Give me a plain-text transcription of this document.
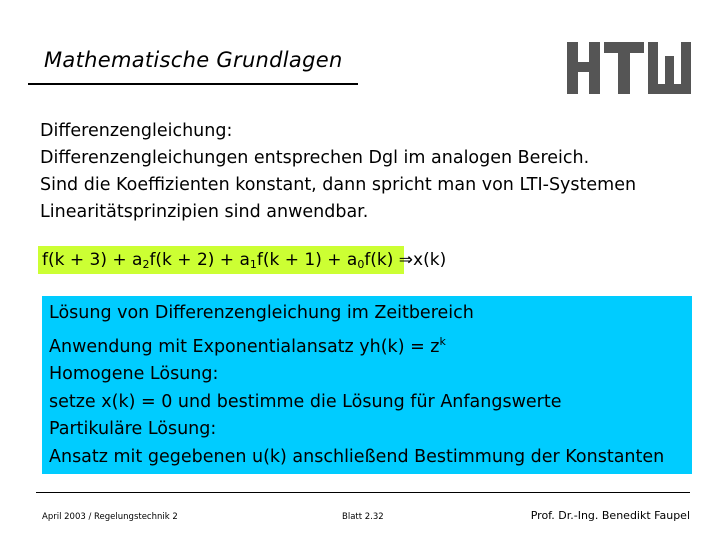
Mathematische Grundlagen
Differenzengleichung:
Differenzengleichungen entsprechen Dgl im analogen Bereich.
Sind die Koeffizienten konstant, dann spricht man von LTI-Systemen
Linearitätsprinzipien sind anwendbar.
$f(k + 3) + a_2f(k + 2) + a_1f(k + 1) + a_0f(k)$ ⇒x(k)
Lösung von Differenzengleichung im Zeitbereich
Anwendung mit Exponentialansatz $yh(k) = z^k$
Homogene Lösung:
setze x(k) = 0 und bestimme die Lösung für Anfangswerte
Partikuläre Lösung:
Ansatz mit gegebenen u(k) anschließend Bestimmung der Konstanten
April 2003 / Regelungstechnik 2	Blatt 2.32	Prof. Dr.-Ing. Benedikt Faupel
